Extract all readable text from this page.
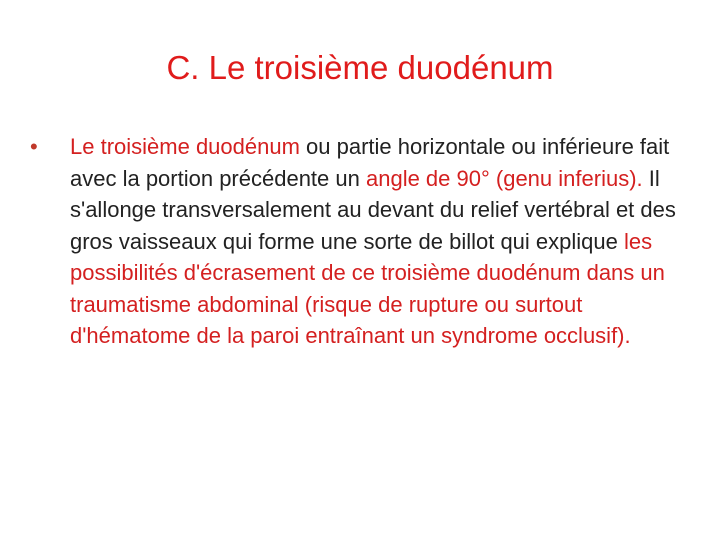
C. Le troisième duodénum
•	Le troisième duodénum ou partie horizontale ou inférieure fait avec la portion précédente un angle de 90° (genu inferius). Il s'allonge transversalement au devant du relief vertébral et des gros vaisseaux qui forme une sorte de billot qui explique les possibilités d'écrasement de ce troisième duodénum dans un traumatisme abdominal (risque de rupture ou surtout d'hématome de la paroi entraînant un syndrome occlusif).
